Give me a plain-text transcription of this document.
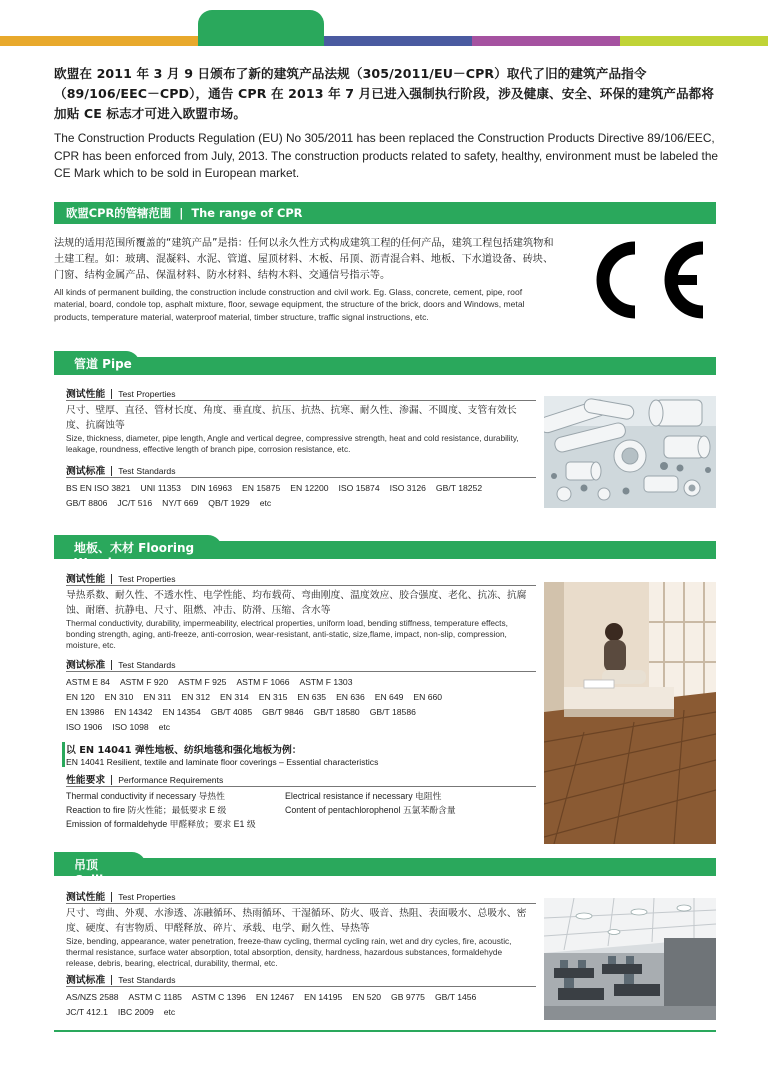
欧盟在 2011 年 3 月 9 日颁布了新的建筑产品法规（305/2011/EU－CPR）取代了旧的建筑产品指令（89/106/EEC－CPD），通告 CPR 在 2013 年 7 月已进入强制执行阶段，涉及健康、安全、环保的建筑产品都将加贴 CE 标志才可进入欧盟市场。
The Construction Products Regulation (EU) No 305/2011 has been replaced the Construction Products Directive 89/106/EEC, CPR has been enforced from July, 2013. The construction products related to safety, healthy, environment must be labeled the CE Mark which to be sold in European market.
欧盟CPR的管辖范围 | The range of CPR
法规的适用范围所覆盖的“建筑产品”是指：任何以永久性方式构成建筑工程的任何产品，建筑工程包括建筑物和土建工程。如：玻璃、混凝料、水泥、管道、屋顶材料、木板、吊顶、沥青混合料、地板、下水道设备、砖块、门窗、结构金属产品、保温材料、防水材料、结构木料、交通信号指示等。
All kinds of permanent building, the construction include construction and civil work. Eg. Glass, concrete, cement, pipe, roof material, board, condole top, asphalt mixture, floor, sewage equipment, the structure of the brick, doors and Windows, metal products, temperature material, waterproof material, timber structure, traffic signal instructions, etc.
管道 Pipe
测试性能 Test Properties
尺寸、壁厚、直径、管材长度、角度、垂直度、抗压、抗热、抗寒、耐久性、渗漏、不圆度、支管有效长度、抗腐蚀等
Size, thickness, diameter, pipe length, Angle and vertical degree, compressive strength, heat and cold resistance, durability, leakage, roundness, effective length of branch pipe, corrosion resistance, etc.
测试标准 Test Standards
BS EN ISO 3821 UNI 11353 DIN 16963 EN 15875 EN 12200 ISO 15874 ISO 3126 GB/T 18252
GB/T 8806 JC/T 516 NY/T 669 QB/T 1929 etc
地板、木材 Flooring Wood
测试性能 Test Properties
导热系数、耐久性、不透水性、电学性能、均布载荷、弯曲刚度、温度效应、胶合强度、老化、抗冻、抗腐蚀、耐磨、抗静电、尺寸、阻燃、冲击、防滑、压缩、含水等
Thermal conductivity, durability, impermeability, electrical properties, uniform load, bending stiffness, temperature effects, bonding strength, aging, anti-freeze, anti-corrosion, wear-resistant, anti-static, size,flame, impact, non-slip, compression, moisture, etc.
测试标准 Test Standards
ASTM E 84 ASTM F 920 ASTM F 925 ASTM F 1066 ASTM F 1303
EN 120 EN 310 EN 311 EN 312 EN 314 EN 315 EN 635 EN 636 EN 649 EN 660
EN 13986 EN 14342 EN 14354 GB/T 4085 GB/T 9846 GB/T 18580 GB/T 18586
ISO 1906 ISO 1098 etc
以 EN 14041 弹性地板、纺织地毯和强化地板为例：
EN 14041 Resilient, textile and laminate floor coverings – Essential characteristics
性能要求 Performance Requirements
Thermal conductivity if necessary 导热性
Reaction to fire 防火性能；最低要求 E 级
Emission of formaldehyde 甲醛释放；要求 E1 级
Electrical resistance if necessary 电阻性
Content of pentachlorophenol 五氯苯酚含量
吊顶 Ceiling
测试性能 Test Properties
尺寸、弯曲、外观、水渗透、冻融循环、热雨循环、干湿循环、防火、吸音、热阻、表面吸水、总吸水、密度、硬度、有害物质、甲醛释放、碎片、承载、电学、耐久性、导热等
Size, bending, appearance, water penetration, freeze-thaw cycling, thermal cycling rain, wet and dry cycles, fire, acoustic, thermal resistance, surface water absorption, total absorption, density, hardness, hazardous substances, formaldehyde release, debris, bearing, electrical, durability, thermal, etc.
测试标准 Test Standards
AS/NZS 2588 ASTM C 1185 ASTM C 1396 EN 12467 EN 14195 EN 520 GB 9775 GB/T 1456
JC/T 412.1 IBC 2009 etc
